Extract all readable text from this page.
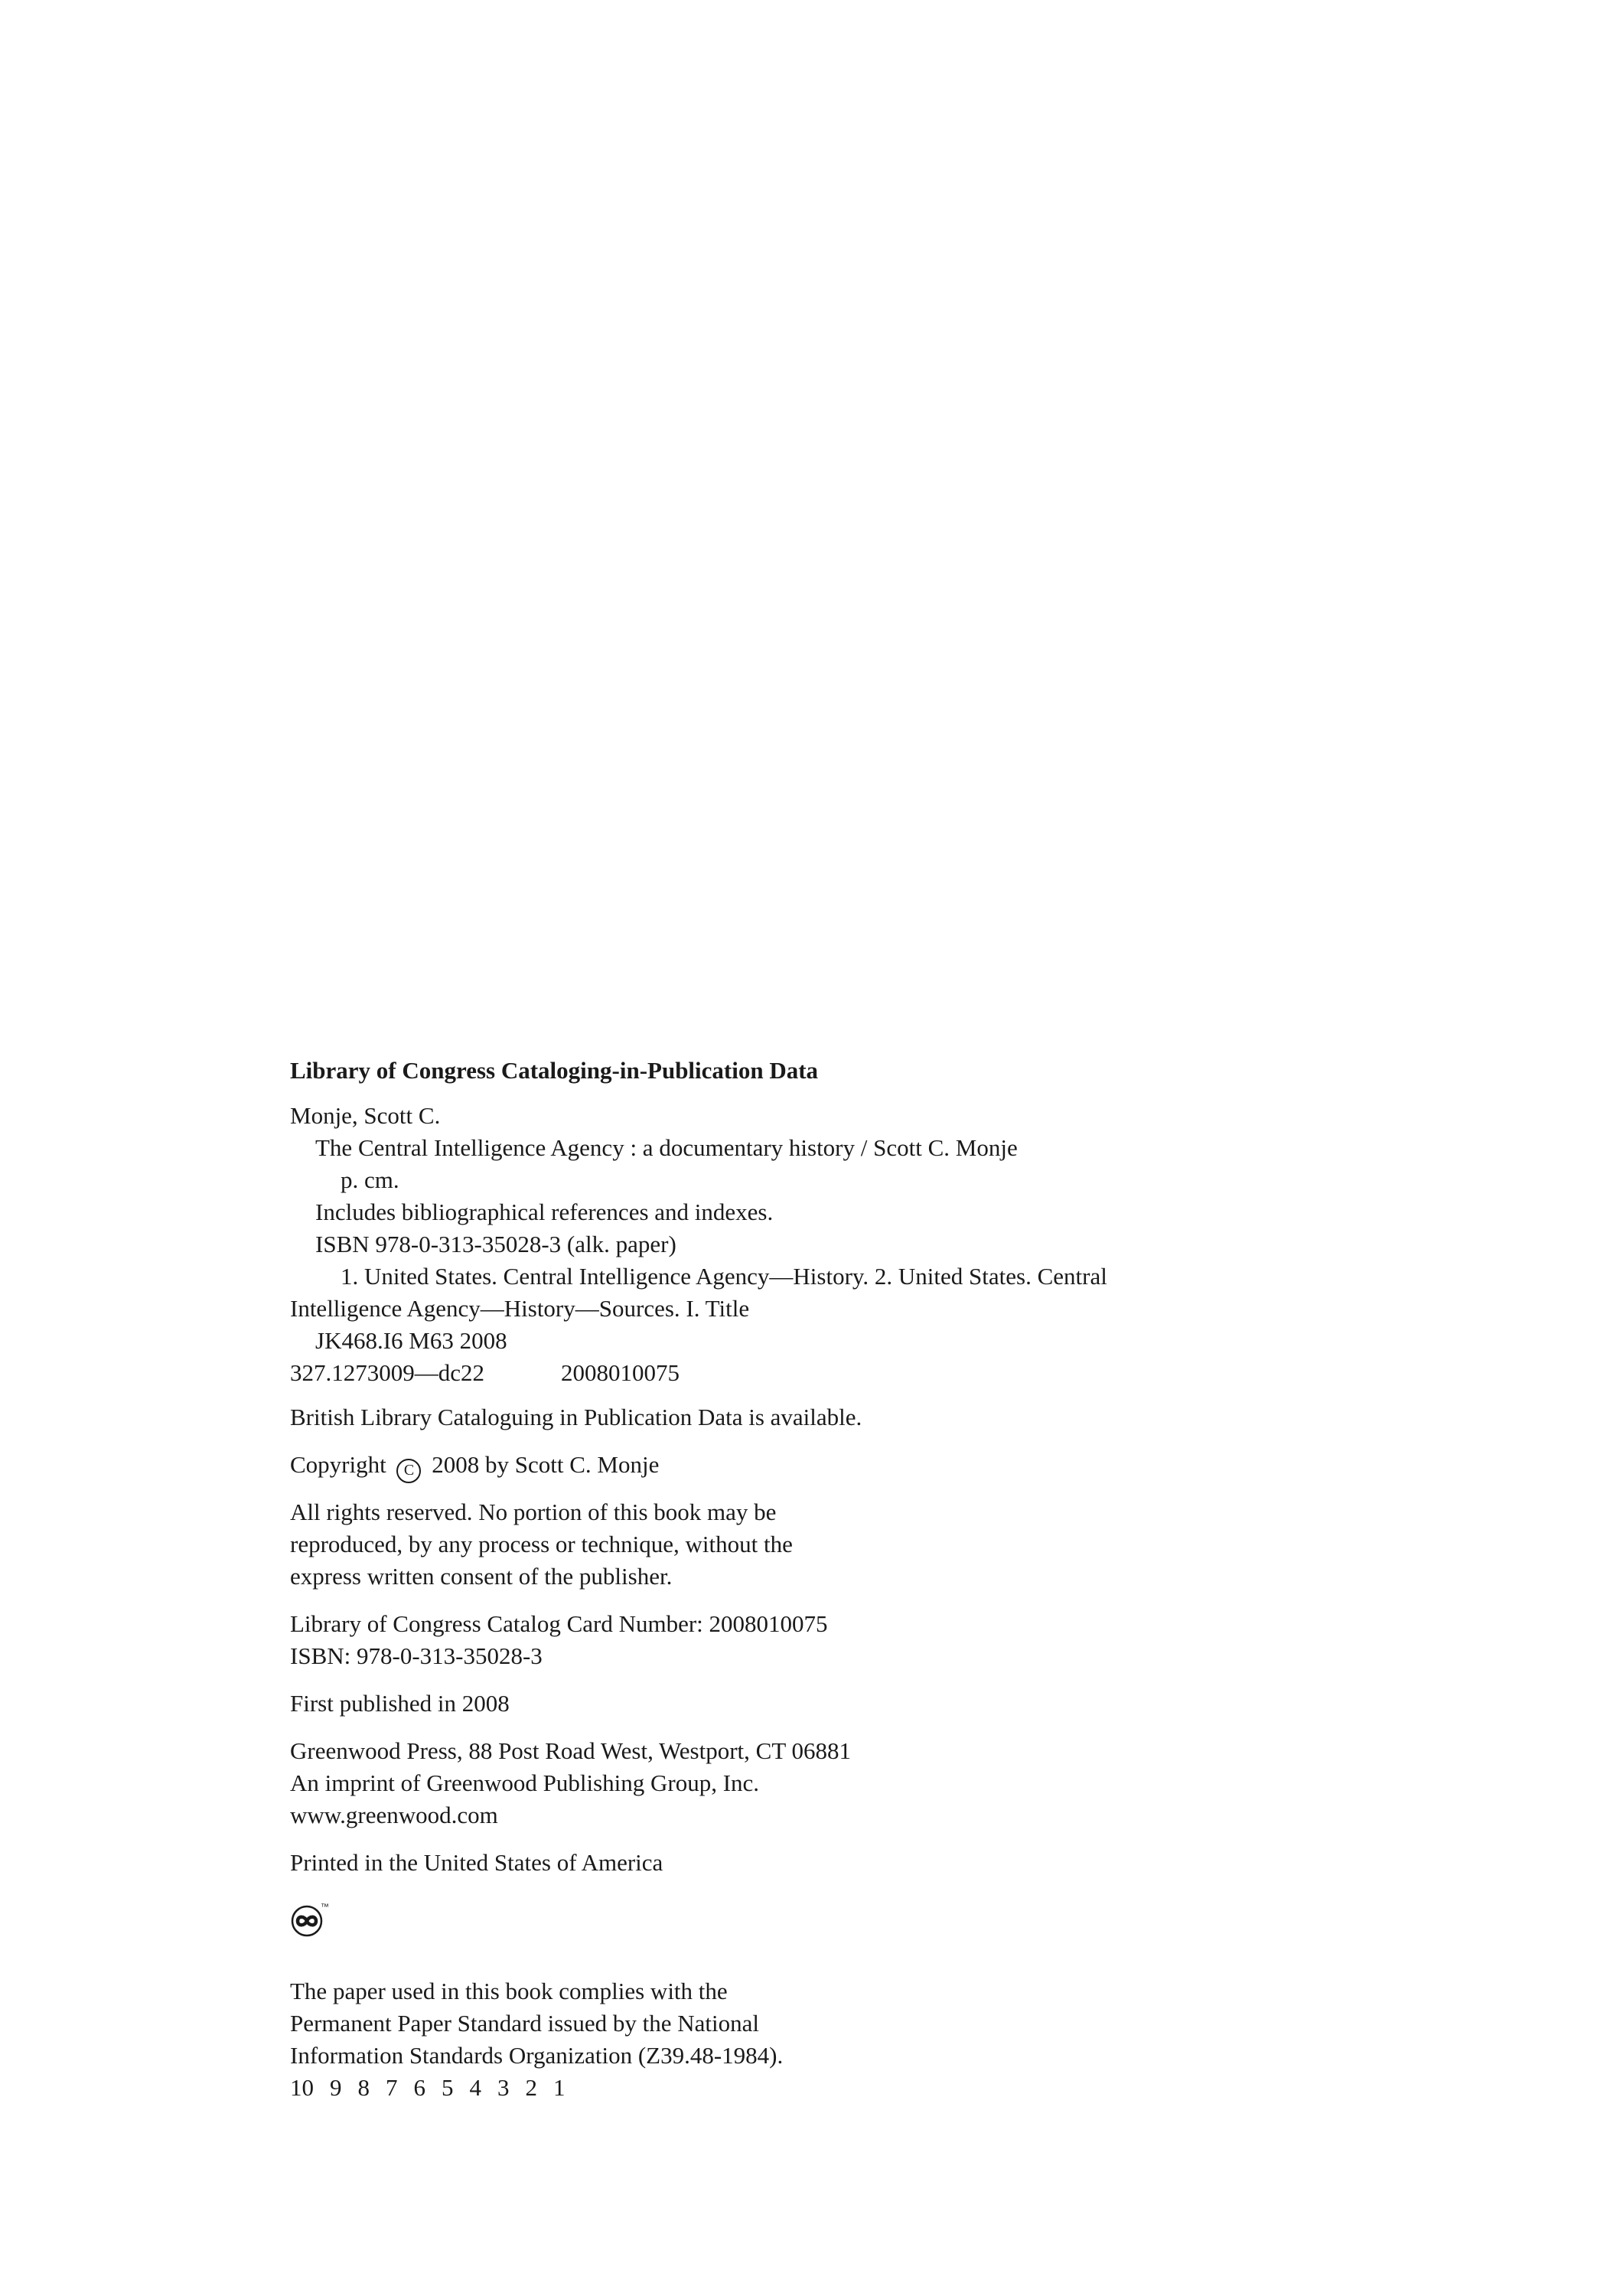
Library of Congress Cataloging-in-Publication Data
Monje, Scott C.
The Central Intelligence Agency : a documentary history / Scott C. Monje
p. cm.
Includes bibliographical references and indexes.
ISBN 978-0-313-35028-3 (alk. paper)
1. United States. Central Intelligence Agency—History. 2. United States. Central
Intelligence Agency—History—Sources. I. Title
JK468.I6 M63 2008
327.1273009—dc22	2008010075
British Library Cataloguing in Publication Data is available.
Copyright C 2008 by Scott C. Monje
All rights reserved. No portion of this book may be
reproduced, by any process or technique, without the
express written consent of the publisher.
Library of Congress Catalog Card Number: 2008010075
ISBN: 978-0-313-35028-3
First published in 2008
Greenwood Press, 88 Post Road West, Westport, CT 06881
An imprint of Greenwood Publishing Group, Inc.
www.greenwood.com
Printed in the United States of America
™
The paper used in this book complies with the
Permanent Paper Standard issued by the National
Information Standards Organization (Z39.48-1984).
10 9 8 7 6 5 4 3 2 1
